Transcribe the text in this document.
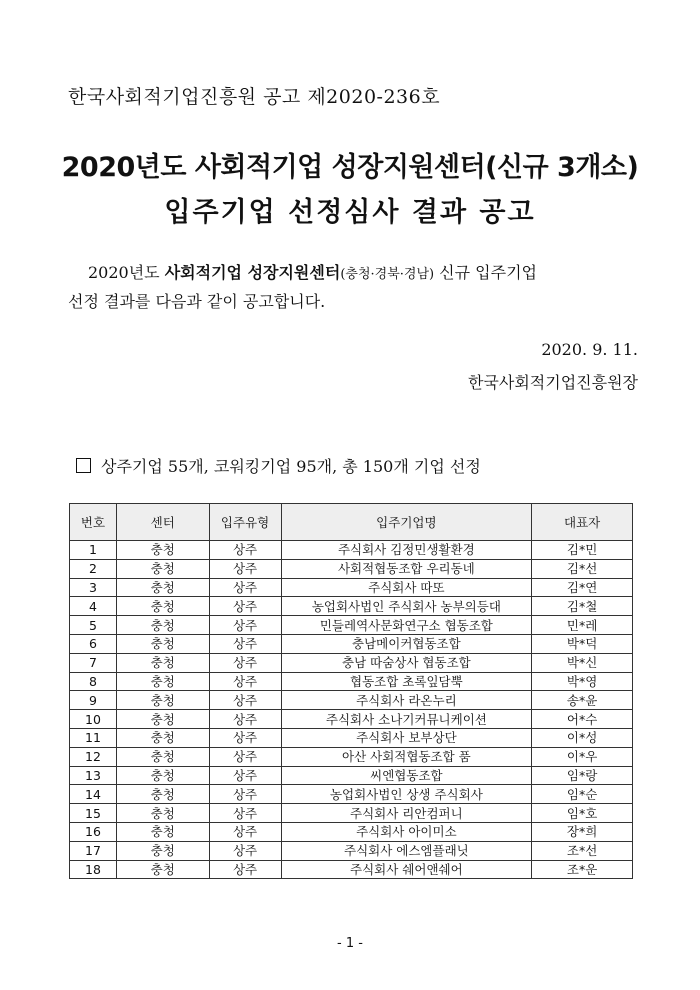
한국사회적기업진흥원 공고 제2020-236호
2020년도 사회적기업 성장지원센터(신규 3개소)
입주기업 선정심사 결과 공고
2020년도 사회적기업 성장지원센터(충청·경북·경남) 신규 입주기업
선정 결과를 다음과 같이 공고합니다.
2020. 9. 11.
한국사회적기업진흥원장
상주기업 55개, 코워킹기업 95개, 총 150개 기업 선정
번호	센터	입주유형	입주기업명	대표자
1	충청	상주	주식회사 김정민생활환경	김*민
2	충청	상주	사회적협동조합 우리동네	김*선
3	충청	상주	주식회사 따또	김*연
4	충청	상주	농업회사법인 주식회사 농부의등대	김*철
5	충청	상주	민들레역사문화연구소 협동조합	민*레
6	충청	상주	충남메이커협동조합	박*덕
7	충청	상주	충남 따숨상사 협동조합	박*신
8	충청	상주	협동조합 초록잎담뿍	박*영
9	충청	상주	주식회사 라온누리	송*윤
10	충청	상주	주식회사 소나기커뮤니케이션	어*수
11	충청	상주	주식회사 보부상단	이*성
12	충청	상주	아산 사회적협동조합 품	이*우
13	충청	상주	씨엔협동조합	임*랑
14	충청	상주	농업회사법인 상생 주식회사	임*순
15	충청	상주	주식회사 리안컴퍼니	임*호
16	충청	상주	주식회사 아이미소	장*희
17	충청	상주	주식회사 에스엠플래닛	조*선
18	충청	상주	주식회사 쉐어앤쉐어	조*운
- 1 -
